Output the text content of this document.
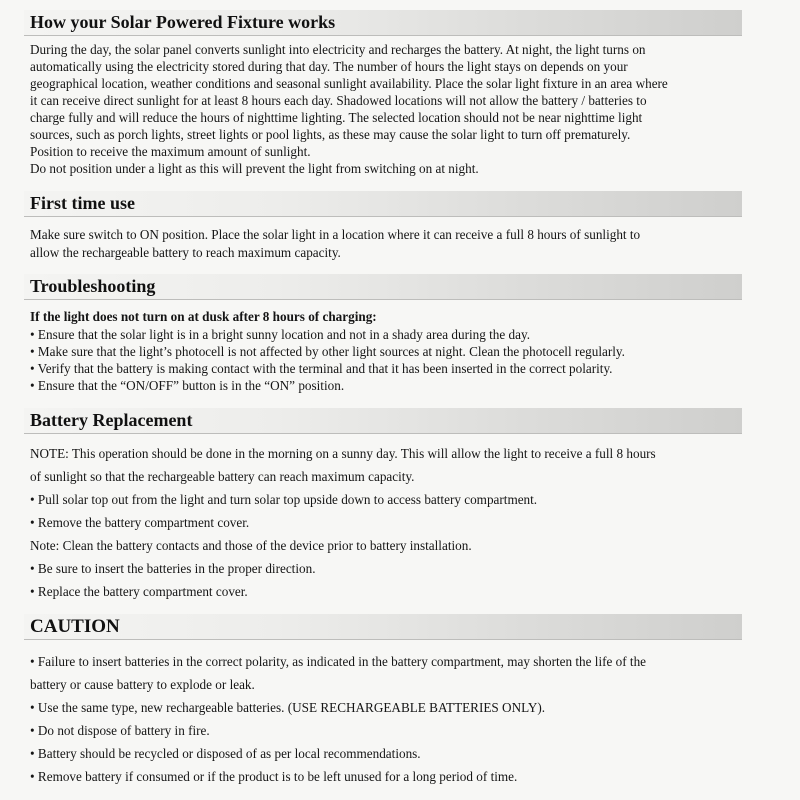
How your Solar Powered Fixture works
During the day, the solar panel converts sunlight into electricity and recharges the battery. At night, the light turns on
automatically using the electricity stored during that day. The number of hours the light stays on depends on your
geographical location, weather conditions and seasonal sunlight availability. Place the solar light fixture in an area where
it can receive direct sunlight for at least 8 hours each day. Shadowed locations will not allow the battery / batteries to
charge fully and will reduce the hours of nighttime lighting. The selected location should not be near nighttime light
sources, such as porch lights, street lights or pool lights, as these may cause the solar light to turn off prematurely.
Position to receive the maximum amount of sunlight.
Do not position under a light as this will prevent the light from switching on at night.
First time use
Make sure switch to ON position. Place the solar light in a location where it can receive a full 8 hours of sunlight to
allow the rechargeable battery to reach maximum capacity.
Troubleshooting
If the light does not turn on at dusk after 8 hours of charging:
• Ensure that the solar light is in a bright sunny location and not in a shady area during the day.
• Make sure that the light’s photocell is not affected by other light sources at night. Clean the photocell regularly.
• Verify that the battery is making contact with the terminal and that it has been inserted in the correct polarity.
• Ensure that the “ON/OFF” button is in the “ON” position.
Battery Replacement
NOTE: This operation should be done in the morning on a sunny day. This will allow the light to receive a full 8 hours
of sunlight so that the rechargeable battery can reach maximum capacity.
• Pull solar top out from the light and turn solar top upside down to access battery compartment.
• Remove the battery compartment cover.
Note: Clean the battery contacts and those of the device prior to battery installation.
• Be sure to insert the batteries in the proper direction.
• Replace the battery compartment cover.
CAUTION
• Failure to insert batteries in the correct polarity, as indicated in the battery compartment, may shorten the life of the
battery or cause battery to explode or leak.
• Use the same type, new rechargeable batteries. (USE RECHARGEABLE BATTERIES ONLY).
• Do not dispose of battery in fire.
• Battery should be recycled or disposed of as per local recommendations.
• Remove battery if consumed or if the product is to be left unused for a long period of time.
